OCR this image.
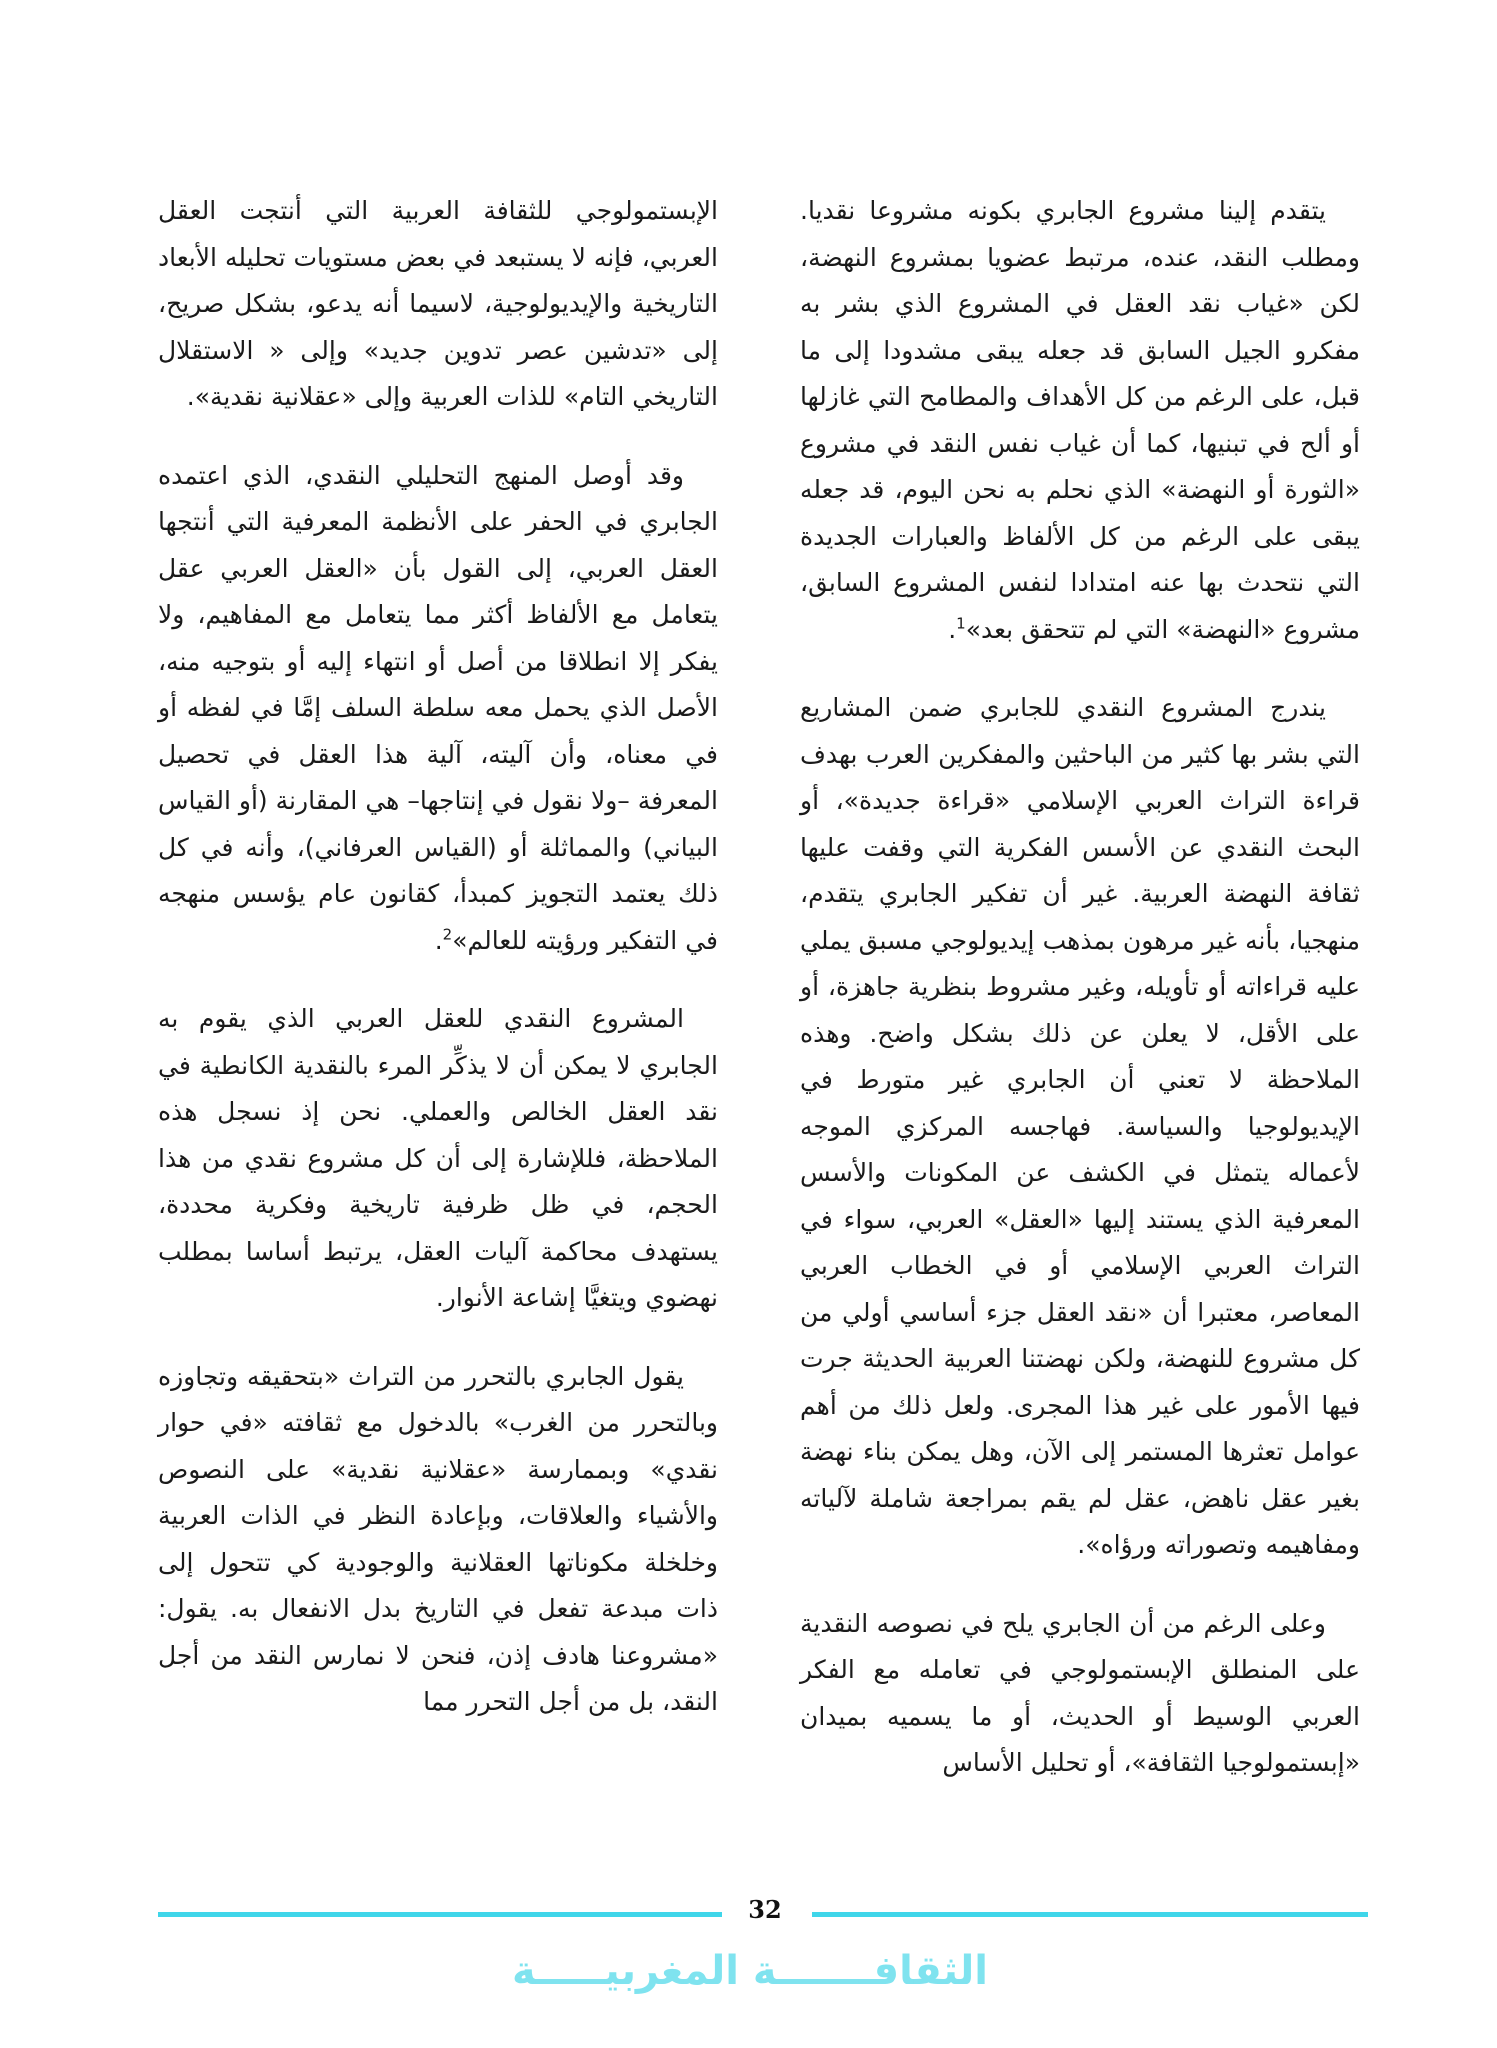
يتقدم إلينا مشروع الجابري بكونه مشروعا نقديا. ومطلب النقد، عنده، مرتبط عضويا بمشروع النهضة، لكن «غياب نقد العقل في المشروع الذي بشر به مفكرو الجيل السابق قد جعله يبقى مشدودا إلى ما قبل، على الرغم من كل الأهداف والمطامح التي غازلها أو ألح في تبنيها، كما أن غياب نفس النقد في مشروع «الثورة أو النهضة» الذي نحلم به نحن اليوم، قد جعله يبقى على الرغم من كل الألفاظ والعبارات الجديدة التي نتحدث بها عنه امتدادا لنفس المشروع السابق، مشروع «النهضة» التي لم تتحقق بعد»$^1$.

يندرج المشروع النقدي للجابري ضمن المشاريع التي بشر بها كثير من الباحثين والمفكرين العرب بهدف قراءة التراث العربي الإسلامي «قراءة جديدة»، أو البحث النقدي عن الأسس الفكرية التي وقفت عليها ثقافة النهضة العربية. غير أن تفكير الجابري يتقدم، منهجيا، بأنه غير مرهون بمذهب إيديولوجي مسبق يملي عليه قراءاته أو تأويله، وغير مشروط بنظرية جاهزة، أو على الأقل، لا يعلن عن ذلك بشكل واضح. وهذه الملاحظة لا تعني أن الجابري غير متورط في الإيديولوجيا والسياسة. فهاجسه المركزي الموجه لأعماله يتمثل في الكشف عن المكونات والأسس المعرفية الذي يستند إليها «العقل» العربي، سواء في التراث العربي الإسلامي أو في الخطاب العربي المعاصر، معتبرا أن «نقد العقل جزء أساسي أولي من كل مشروع للنهضة، ولكن نهضتنا العربية الحديثة جرت فيها الأمور على غير هذا المجرى. ولعل ذلك من أهم عوامل تعثرها المستمر إلى الآن، وهل يمكن بناء نهضة بغير عقل ناهض، عقل لم يقم بمراجعة شاملة لآلياته ومفاهيمه وتصوراته ورؤاه».

وعلى الرغم من أن الجابري يلح في نصوصه النقدية على المنطلق الإبستمولوجي في تعامله مع الفكر العربي الوسيط أو الحديث، أو ما يسميه بميدان «إبستمولوجيا الثقافة»، أو تحليل الأساس

الإبستمولوجي للثقافة العربية التي أنتجت العقل العربي، فإنه لا يستبعد في بعض مستويات تحليله الأبعاد التاريخية والإيديولوجية، لاسيما أنه يدعو، بشكل صريح، إلى «تدشين عصر تدوين جديد» وإلى « الاستقلال التاريخي التام» للذات العربية وإلى «عقلانية نقدية».

وقد أوصل المنهج التحليلي النقدي، الذي اعتمده الجابري في الحفر على الأنظمة المعرفية التي أنتجها العقل العربي، إلى القول بأن «العقل العربي عقل يتعامل مع الألفاظ أكثر مما يتعامل مع المفاهيم، ولا يفكر إلا انطلاقا من أصل أو انتهاء إليه أو بتوجيه منه، الأصل الذي يحمل معه سلطة السلف إمَّا في لفظه أو في معناه، وأن آليته، آلية هذا العقل في تحصيل المعرفة –ولا نقول في إنتاجها– هي المقارنة (أو القياس البياني) والمماثلة أو (القياس العرفاني)، وأنه في كل ذلك يعتمد التجويز كمبدأ، كقانون عام يؤسس منهجه في التفكير ورؤيته للعالم»$^2$.

المشروع النقدي للعقل العربي الذي يقوم به الجابري لا يمكن أن لا يذكِّر المرء بالنقدية الكانطية في نقد العقل الخالص والعملي. نحن إذ نسجل هذه الملاحظة، فللإشارة إلى أن كل مشروع نقدي من هذا الحجم، في ظل ظرفية تاريخية وفكرية محددة، يستهدف محاكمة آليات العقل، يرتبط أساسا بمطلب نهضوي ويتغيَّا إشاعة الأنوار.

يقول الجابري بالتحرر من التراث «بتحقيقه وتجاوزه وبالتحرر من الغرب» بالدخول مع ثقافته «في حوار نقدي» وبممارسة «عقلانية نقدية» على النصوص والأشياء والعلاقات، وبإعادة النظر في الذات العربية وخلخلة مكوناتها العقلانية والوجودية كي تتحول إلى ذات مبدعة تفعل في التاريخ بدل الانفعال به. يقول: «مشروعنا هادف إذن، فنحن لا نمارس النقد من أجل النقد، بل من أجل التحرر مما

32
الثقافـــــــة المغربيـــــة
